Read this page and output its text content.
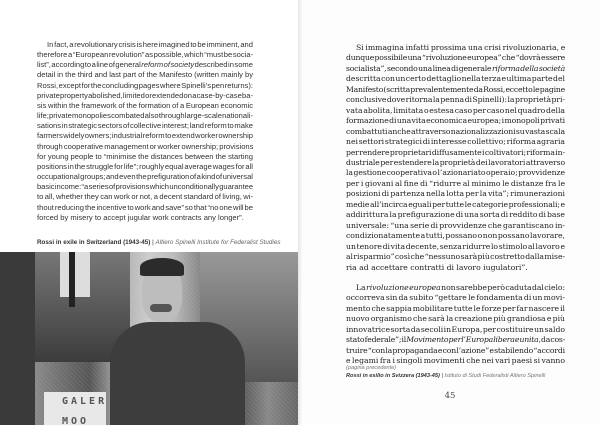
In fact, a revolutionary crisis is here imagined to be imminent, and
therefore a “European revolution” as possible, which “must be socia-
list”, according to a line of general reform of society described in some
detail in the third and last part of the Manifesto (written mainly by
Rossi, except for the concluding pages where Spinelli’s pen returns):
private property abolished, limited or extended on a case-by-case ba-
sis within the framework of the formation of a European economic
life; private monopolies combated also through large-scale nationali-
sations in strategic sectors of collective interest; land reform to make
farmers widely owners; industrial reform to extend worker ownership
through cooperative management or worker ownership; provisions
for young people to “minimise the distances between the starting
positions in the struggle for life”; roughly equal average wages for all
occupational groups; and even the prefiguration of a kind of universal
basic income: “a series of provisions which unconditionally guarantee
to all, whether they can work or not, a decent standard of living, wi-
thout reducing the incentive to work and save” so that “no one will be
forced by misery to accept jugular work contracts any longer”.
Rossi in exile in Switzerland (1943-45) | Altiero Spinelli Institute for Federalist Studies
GALER
MOO
Si immagina infatti prossima una crisi rivoluzionaria, e
dunque possibile una “rivoluzione europea” che “dovrà essere
socialista”, secondo una linea di generale riforma della società
descritta con un certo dettaglio nella terza e ultima parte del
Manifesto (scritta prevalentemente da Rossi, eccetto le pagine
conclusive dove ritorna la penna di Spinelli): la proprietà pri-
vata abolita, limitata o estesa caso per caso nel quadro della
formazione di una vita economica europea; i monopoli privati
combattuti anche attraverso nazionalizzazioni su vasta scala
nei settori strategici di interesse collettivo; riforma agraria
per rendere proprietari diffusamente i coltivatori; riforma in-
dustriale per estendere la proprietà dei lavoratori attraverso
la gestione cooperativa o l’azionariato operaio; provvidenze
per i giovani al fine di “ridurre al minimo le distanze fra le
posizioni di partenza nella lotta per la vita”; rimunerazioni
medie all’incirca eguali per tutte le categorie professionali; e
addirittura la prefigurazione di una sorta di reddito di base
universale: “una serie di provvidenze che garantiscano in-
condizionatamente a tutti, possano o non possano lavorare,
un tenore di vita decente, senza ridurre lo stimolo al lavoro e
al risparmio” così che “nessuno sarà più costretto dalla mise-
ria ad accettare contratti di lavoro iugulatori”.
La rivoluzione europea non sarebbe però caduta dal cielo:
occorreva sin da subito “gettare le fondamenta di un movi-
mento che sappia mobilitare tutte le forze per far nascere il
nuovo organismo che sarà la creazione più grandiosa e più
innovatrice sorta da secoli in Europa, per costituire un saldo
stato federale”; il Movimento per l’Europa libera e unita, da cos-
truire “con la propaganda e con l’azione” e stabilendo “accordi
e legami fra i singoli movimenti che nei vari paesi si vanno
(pagina precedente)
Rossi in esilio in Svizzera (1943-45) | Istituto di Studi Federalisti Altiero Spinelli
45
